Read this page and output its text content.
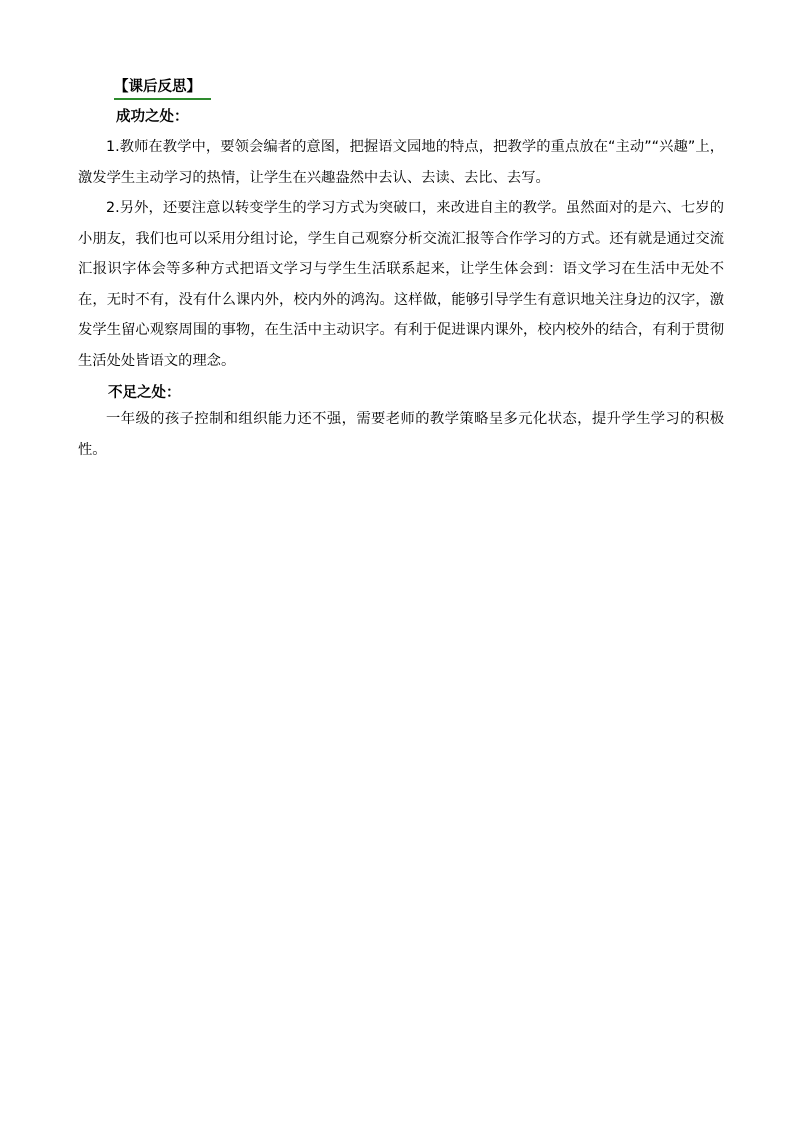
【课后反思】
成功之处：

1.教师在教学中，要领会编者的意图，把握语文园地的特点，把教学的重点放在“主动”“兴趣”上，激发学生主动学习的热情，让学生在兴趣盎然中去认、去读、去比、去写。

2.另外，还要注意以转变学生的学习方式为突破口，来改进自主的教学。虽然面对的是六、七岁的小朋友，我们也可以采用分组讨论，学生自己观察分析交流汇报等合作学习的方式。还有就是通过交流汇报识字体会等多种方式把语文学习与学生生活联系起来，让学生体会到：语文学习在生活中无处不在，无时不有，没有什么课内外，校内外的鸿沟。这样做，能够引导学生有意识地关注身边的汉字，激发学生留心观察周围的事物，在生活中主动识字。有利于促进课内课外，校内校外的结合，有利于贯彻生活处处皆语文的理念。

不足之处：

一年级的孩子控制和组织能力还不强，需要老师的教学策略呈多元化状态，提升学生学习的积极性。
